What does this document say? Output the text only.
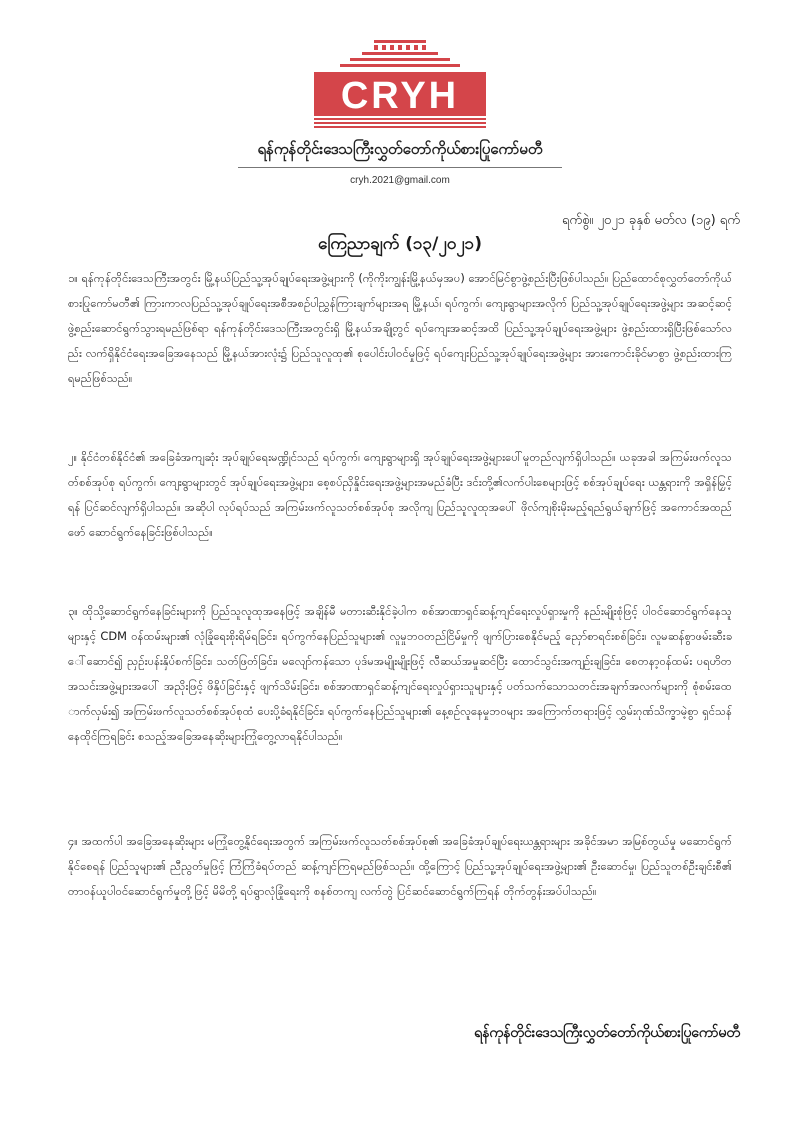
CRYH
ရန်ကုန်တိုင်းဒေသကြီးလွှတ်တော်ကိုယ်စားပြုကော်မတီ
cryh.2021@gmail.com
ရက်စွဲ။ ၂၀၂၁ ခုနှစ် မတ်လ (၁၉) ရက်
ကြေညာချက် (၁၃/၂၀၂၁)

၁။ ရန်ကုန်တိုင်းဒေသကြီးအတွင်း မြို့နယ်ပြည်သူ့အုပ်ချုပ်ရေးအဖွဲ့များကို (ကိုကိုးကျွန်းမြို့နယ်မှအပ) အောင်မြင်စွာဖွဲ့စည်းပြီးဖြစ်ပါသည်။ ပြည်ထောင်စုလွှတ်တော်ကိုယ်စားပြုကော်မတီ၏ ကြားကာလပြည်သူ့အုပ်ချုပ်ရေးအစီအစဉ်ပါညွှန်ကြားချက်များအရ မြို့နယ်၊ ရပ်ကွက်၊ ကျေးရွာများအလိုက် ပြည်သူ့အုပ်ချုပ်ရေးအဖွဲ့များ အဆင့်ဆင့်ဖွဲ့စည်းဆောင်ရွက်သွားရမည်ဖြစ်ရာ ရန်ကုန်တိုင်းဒေသကြီးအတွင်းရှိ မြို့နယ်အချို့တွင် ရပ်ကျေးအဆင့်အထိ ပြည်သူ့အုပ်ချုပ်ရေးအဖွဲ့များ ဖွဲ့စည်းထားရှိပြီးဖြစ်သော်လည်း လက်ရှိနိုင်ငံရေးအခြေအနေသည် မြို့နယ်အားလုံး၌ ပြည်သူလူထု၏ စုပေါင်းပါဝင်မှုဖြင့် ရပ်ကျေးပြည်သူ့အုပ်ချုပ်ရေးအဖွဲ့များ အားကောင်းခိုင်မာစွာ ဖွဲ့စည်းထားကြရမည်ဖြစ်သည်။

၂။ နိုင်ငံတစ်နိုင်ငံ၏ အခြေခံအကျဆုံး အုပ်ချုပ်ရေးမဏ္ဍိုင်သည် ရပ်ကွက်၊ ကျေးရွာများရှိ အုပ်ချုပ်ရေးအဖွဲ့များပေါ်မူတည်လျက်ရှိပါသည်။ ယခုအခါ အကြမ်းဖက်လူသတ်စစ်အုပ်စု ရပ်ကွက်၊ ကျေးရွာများတွင် အုပ်ချုပ်ရေးအဖွဲ့များ၊ စေ့စပ်ညှိနှိုင်းရေးအဖွဲ့များအမည်ခံပြီး ဒင်းတို့၏လက်ပါးစေများဖြင့် စစ်အုပ်ချုပ်ရေး ယန္တရားကို အရှိန်မြှင့်ရန် ပြင်ဆင်လျက်ရှိပါသည်။ အဆိုပါ လုပ်ရပ်သည် အကြမ်းဖက်လူသတ်စစ်အုပ်စု အလိုကျ ပြည်သူလူထုအပေါ် ဖိုလ်ကျစိုးမိုးမည့်ရည်ရွယ်ချက်ဖြင့် အကောင်အထည်ဖော် ဆောင်ရွက်နေခြင်းဖြစ်ပါသည်။

၃။ ထိုသို့ဆောင်ရွက်နေခြင်းများကို ပြည်သူလူထုအနေဖြင့် အချိန်မီ မတားဆီးနိုင်ခဲ့ပါက စစ်အာဏာရှင်ဆန့်ကျင်ရေးလှုပ်ရှားမှုကို နည်းမျိုးစုံဖြင့် ပါဝင်ဆောင်ရွက်နေသူများနှင့် CDM ဝန်ထမ်းများ၏ လုံခြုံရေးစိုးရိမ်ရခြင်း၊ ရပ်ကွက်နေပြည်သူများ၏ လူမှုဘဝတည်ငြိမ်မှုကို ဖျက်ပြားစေနိုင်မည့် ညှော်စာရင်းစစ်ခြင်း၊ လူမဆန်စွာဖမ်းဆီးခေါ်ဆောင်၍ ညှဉ်းပန်းနှိပ်စက်ခြင်း၊ သတ်ဖြတ်ခြင်း၊ မလျော်ကန်သော ပုဒ်မအမျိုးမျိုးဖြင့် လီဆယ်အမှုဆင်ပြီး ထောင်သွင်းအကျဉ်းချခြင်း၊ စေတနာ့ဝန်ထမ်း ပရဟိတအသင်းအဖွဲ့များအပေါ် အညိုးဖြင့် ဖိနှိပ်ခြင်းနှင့် ဖျက်သိမ်းခြင်း၊ စစ်အာဏာရှင်ဆန့်ကျင်ရေးလှုပ်ရှားသူများနှင့် ပတ်သက်သောသတင်းအချက်အလက်များကို စုံစမ်းထောက်လှမ်း၍ အကြမ်းဖက်လူသတ်စစ်အုပ်စုထံ ပေးပို့ခံရနိုင်ခြင်း၊ ရပ်ကွက်နေပြည်သူများ၏ နေ့စဉ်လူနေမှုဘဝများ အကြောက်တရားဖြင့် လွှမ်းဂုဏ်သိက္ခာမဲ့စွာ ရှင်သန်နေထိုင်ကြရခြင်း စသည့်အခြေအနေဆိုးများကြုံတွေ့လာရနိုင်ပါသည်။

၄။ အထက်ပါ အခြေအနေဆိုးများ မကြုံတွေ့နိုင်ရေးအတွက် အကြမ်းဖက်လူသတ်စစ်အုပ်စု၏ အခြေခံအုပ်ချုပ်ရေးယန္တရားများ အခိုင်အမာ အမြစ်တွယ်မှု မဆောင်ရွက်နိုင်စေရန် ပြည်သူများ၏ ညီညွတ်မှုဖြင့် ကြံကြံခံရပ်တည် ဆန့်ကျင်ကြရမည်ဖြစ်သည်။ ထို့ကြောင့် ပြည်သူ့အုပ်ချုပ်ရေးအဖွဲ့များ၏ ဦးဆောင်မှု၊ ပြည်သူတစ်ဦးချင်းစီ၏ တာဝန်ယူပါဝင်ဆောင်ရွက်မှုတို့ဖြင့် မိမိတို့ ရပ်ရွာလုံခြုံရေးကို စနစ်တကျ လက်တွဲ ပြင်ဆင်ဆောင်ရွက်ကြရန် တိုက်တွန်းအပ်ပါသည်။

ရန်ကုန်တိုင်းဒေသကြီးလွှတ်တော်ကိုယ်စားပြုကော်မတီ
